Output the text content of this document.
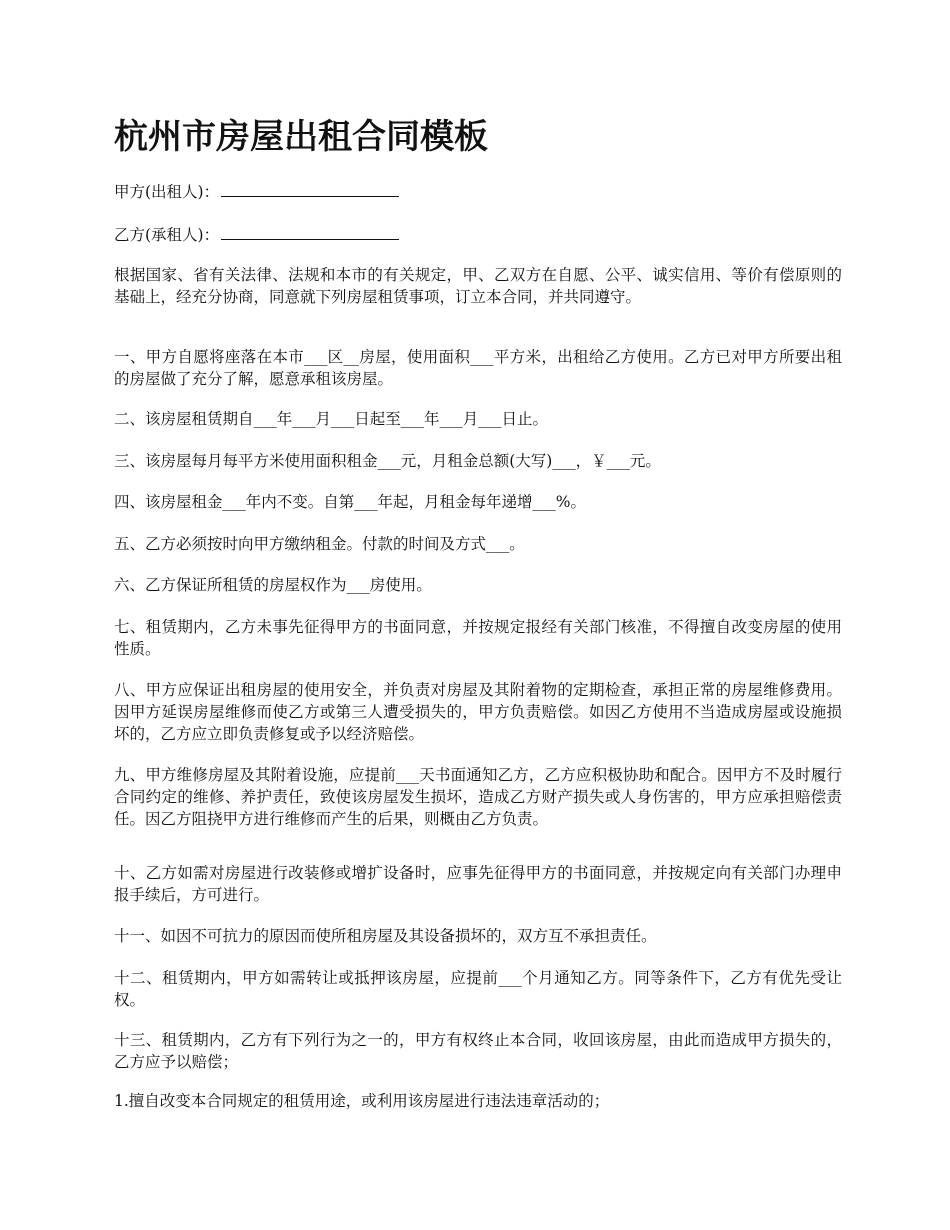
杭州市房屋出租合同模板

甲方(出租人)：

乙方(承租人)：

根据国家、省有关法律、法规和本市的有关规定，甲、乙双方在自愿、公平、诚实信用、等价有偿原则的基础上，经充分协商，同意就下列房屋租赁事项，订立本合同，并共同遵守。

一、甲方自愿将座落在本市___区__房屋，使用面积___平方米，出租给乙方使用。乙方已对甲方所要出租的房屋做了充分了解，愿意承租该房屋。

二、该房屋租赁期自___年___月___日起至___年___月___日止。

三、该房屋每月每平方米使用面积租金___元，月租金总额(大写)___，￥___元。

四、该房屋租金___年内不变。自第___年起，月租金每年递增___%。

五、乙方必须按时向甲方缴纳租金。付款的时间及方式___。

六、乙方保证所租赁的房屋权作为___房使用。

七、租赁期内，乙方未事先征得甲方的书面同意，并按规定报经有关部门核准，不得擅自改变房屋的使用性质。

八、甲方应保证出租房屋的使用安全，并负责对房屋及其附着物的定期检查，承担正常的房屋维修费用。因甲方延误房屋维修而使乙方或第三人遭受损失的，甲方负责赔偿。如因乙方使用不当造成房屋或设施损坏的，乙方应立即负责修复或予以经济赔偿。

九、甲方维修房屋及其附着设施，应提前___天书面通知乙方，乙方应积极协助和配合。因甲方不及时履行合同约定的维修、养护责任，致使该房屋发生损坏，造成乙方财产损失或人身伤害的，甲方应承担赔偿责任。因乙方阻挠甲方进行维修而产生的后果，则概由乙方负责。

十、乙方如需对房屋进行改装修或增扩设备时，应事先征得甲方的书面同意，并按规定向有关部门办理申报手续后，方可进行。

十一、如因不可抗力的原因而使所租房屋及其设备损坏的，双方互不承担责任。

十二、租赁期内，甲方如需转让或抵押该房屋，应提前___个月通知乙方。同等条件下，乙方有优先受让权。

十三、租赁期内，乙方有下列行为之一的，甲方有权终止本合同，收回该房屋，由此而造成甲方损失的，乙方应予以赔偿；

1.擅自改变本合同规定的租赁用途，或利用该房屋进行违法违章活动的；
